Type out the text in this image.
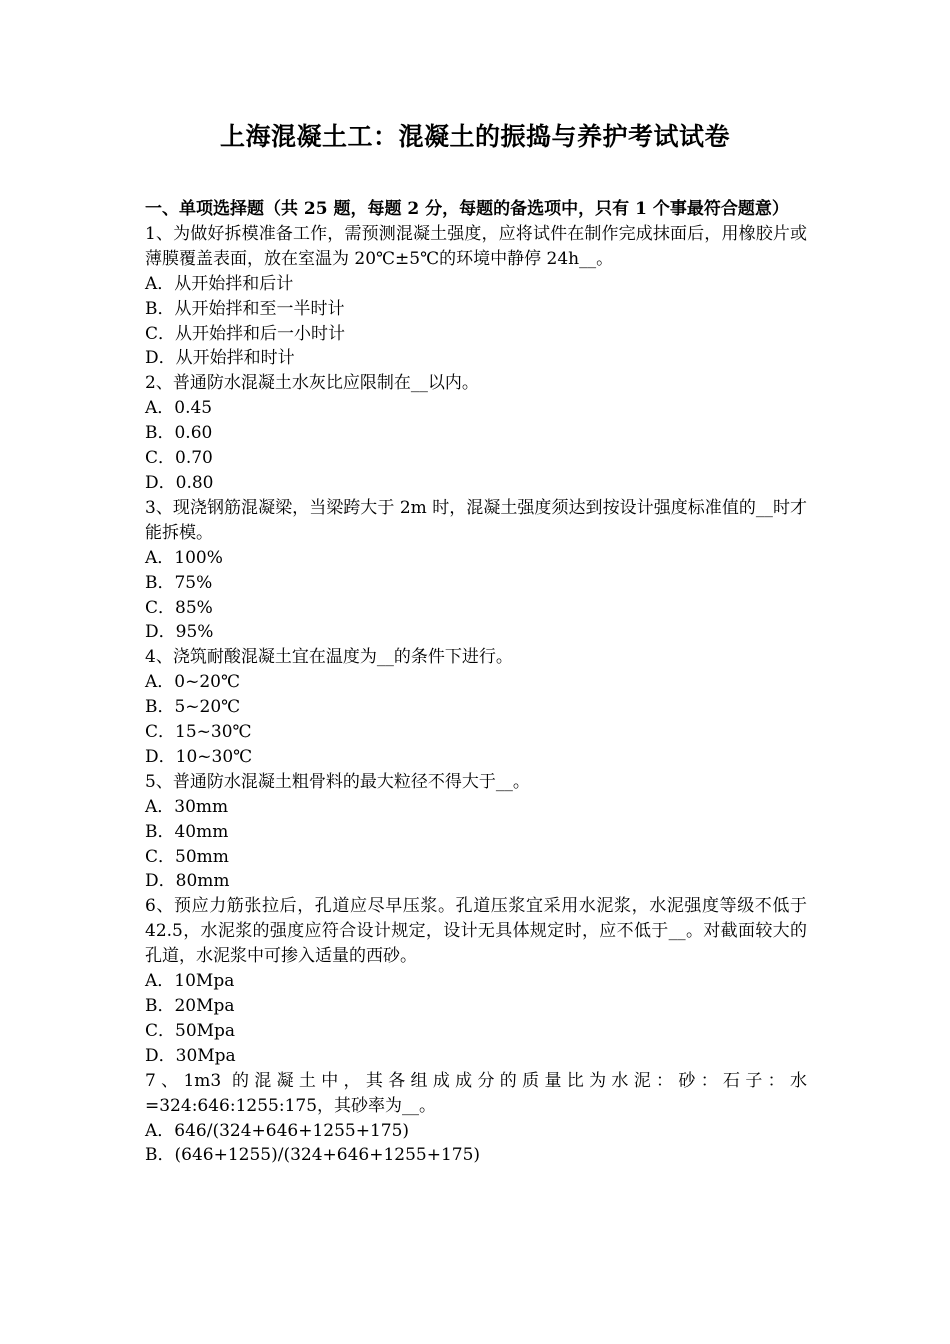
上海混凝土工：混凝土的振捣与养护考试试卷
一、单项选择题（共 25 题，每题 2 分，每题的备选项中，只有 1 个事最符合题意）
1、为做好拆模准备工作，需预测混凝土强度，应将试件在制作完成抹面后，用橡胶片或薄膜覆盖表面，放在室温为 20℃±5℃的环境中静停 24h__。
A．从开始拌和后计
B．从开始拌和至一半时计
C．从开始拌和后一小时计
D．从开始拌和时计
2、普通防水混凝土水灰比应限制在__以内。
A．0.45
B．0.60
C．0.70
D．0.80
3、现浇钢筋混凝梁，当梁跨大于 2m 时，混凝土强度须达到按设计强度标准值的__时才能拆模。
A．100%
B．75%
C．85%
D．95%
4、浇筑耐酸混凝土宜在温度为__的条件下进行。
A．0~20℃
B．5~20℃
C．15~30℃
D．10~30℃
5、普通防水混凝土粗骨料的最大粒径不得大于__。
A．30mm
B．40mm
C．50mm
D．80mm
6、预应力筋张拉后，孔道应尽早压浆。孔道压浆宜采用水泥浆，水泥强度等级不低于 42.5，水泥浆的强度应符合设计规定，设计无具体规定时，应不低于__。对截面较大的孔道，水泥浆中可掺入适量的西砂。
A．10Mpa
B．20Mpa
C．50Mpa
D．30Mpa
7、1m3 的混凝土中，其各组成成分的质量比为水泥：砂：石子：水=324:646:1255:175，其砂率为__。
A．646/(324+646+1255+175)
B．(646+1255)/(324+646+1255+175)
